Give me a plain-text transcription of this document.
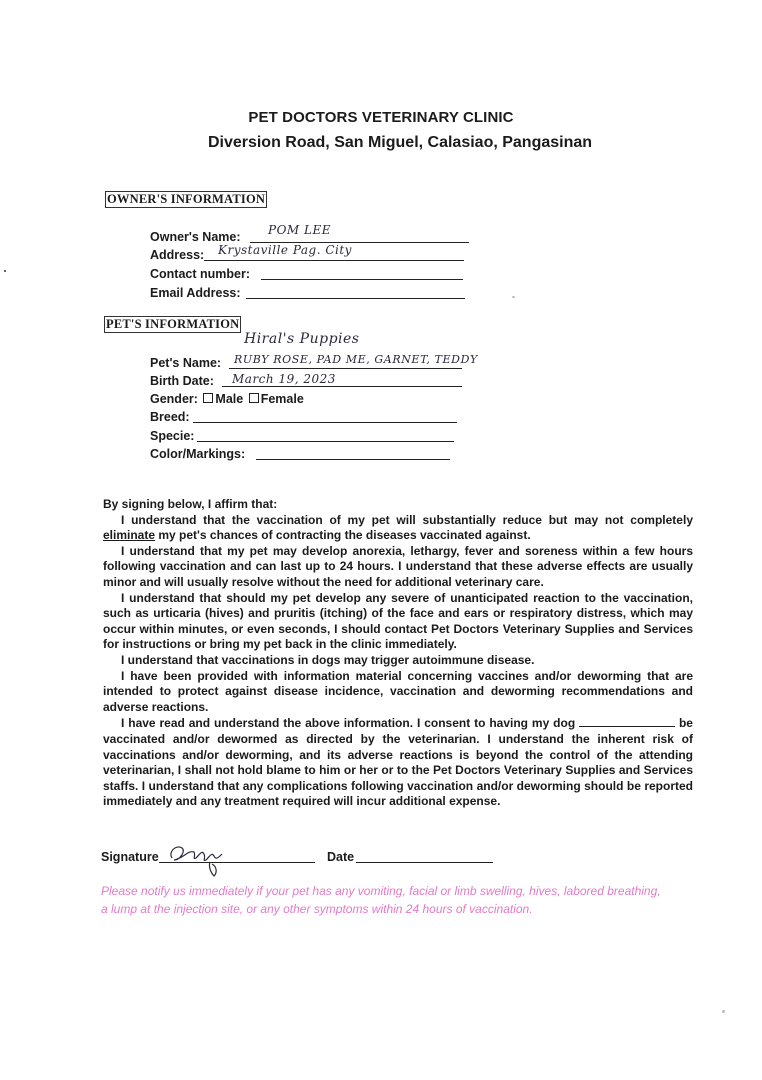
PET DOCTORS VETERINARY CLINIC
Diversion Road, San Miguel, Calasiao, Pangasinan
OWNER'S INFORMATION
Owner's Name: POM LEE
Address: Krystaville Pag. City
Contact number:
Email Address:
PET'S INFORMATION
Hiral's Puppies
Pet's Name: RUBY ROSE, PAD ME, GARNET, TEDDY
Birth Date: March 19, 2023
Gender: Male Female
Breed:
Specie:
Color/Markings:

By signing below, I affirm that:

I understand that the vaccination of my pet will substantially reduce but may not completely eliminate my pet's chances of contracting the diseases vaccinated against.

I understand that my pet may develop anorexia, lethargy, fever and soreness within a few hours following vaccination and can last up to 24 hours. I understand that these adverse effects are usually minor and will usually resolve without the need for additional veterinary care.

I understand that should my pet develop any severe of unanticipated reaction to the vaccination, such as urticaria (hives) and pruritis (itching) of the face and ears or respiratory distress, which may occur within minutes, or even seconds, I should contact Pet Doctors Veterinary Supplies and Services for instructions or bring my pet back in the clinic immediately.

I understand that vaccinations in dogs may trigger autoimmune disease.

I have been provided with information material concerning vaccines and/or deworming that are intended to protect against disease incidence, vaccination and deworming recommendations and adverse reactions.

I have read and understand the above information. I consent to having my dog	be vaccinated and/or dewormed as directed by the veterinarian. I understand the inherent risk of vaccinations and/or deworming, and its adverse reactions is beyond the control of the attending veterinarian, I shall not hold blame to him or her or to the Pet Doctors Veterinary Supplies and Services staffs. I understand that any complications following vaccination and/or deworming should be reported immediately and any treatment required will incur additional expense.

Signature	Date
Please notify us immediately if your pet has any vomiting, facial or limb swelling, hives, labored breathing, a lump at the injection site, or any other symptoms within 24 hours of vaccination.
